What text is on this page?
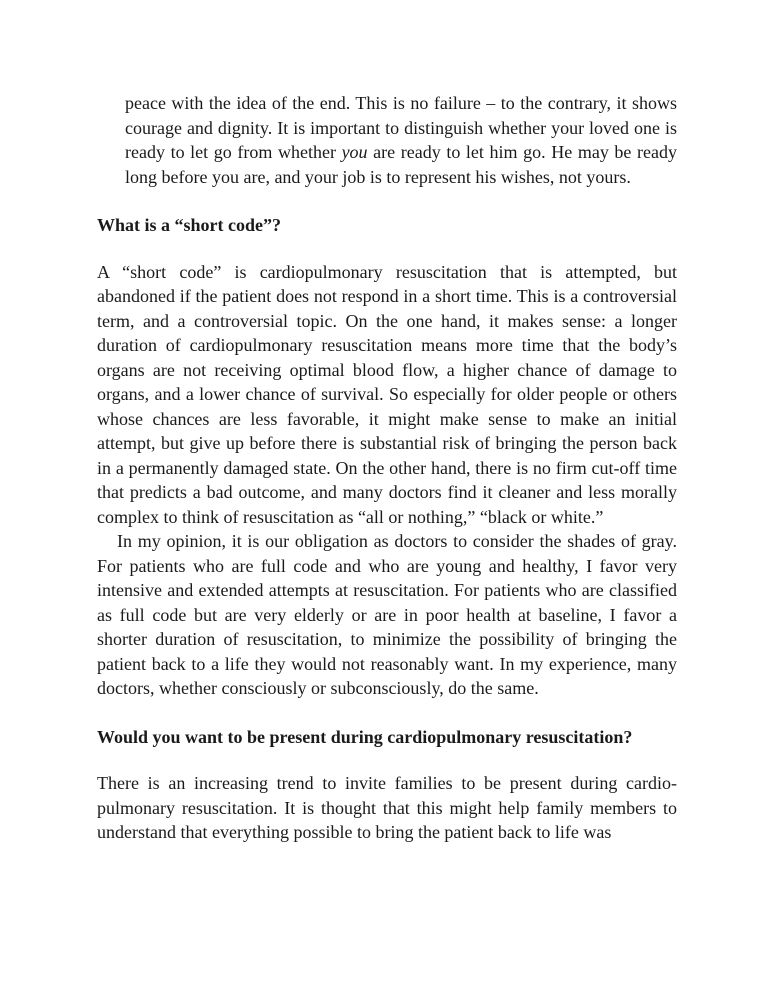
peace with the idea of the end. This is no failure – to the contrary, it shows courage and dignity. It is important to distinguish whether your loved one is ready to let go from whether you are ready to let him go. He may be ready long before you are, and your job is to represent his wishes, not yours.

What is a “short code”?

A “short code” is cardiopulmonary resuscitation that is attempted, but abandoned if the patient does not respond in a short time. This is a controversial term, and a controversial topic. On the one hand, it makes sense: a longer duration of cardiopulmonary resuscitation means more time that the body’s organs are not receiving optimal blood flow, a higher chance of damage to organs, and a lower chance of survival. So especially for older people or others whose chances are less favorable, it might make sense to make an initial attempt, but give up before there is substantial risk of bringing the person back in a permanently damaged state. On the other hand, there is no firm cut-off time that predicts a bad outcome, and many doctors find it cleaner and less morally complex to think of resuscitation as “all or nothing,” “black or white.”

In my opinion, it is our obligation as doctors to consider the shades of gray. For patients who are full code and who are young and healthy, I favor very intensive and extended attempts at resuscitation. For patients who are classified as full code but are very elderly or are in poor health at baseline, I favor a shorter duration of resuscitation, to minimize the possibility of bringing the patient back to a life they would not reasonably want. In my experience, many doctors, whether consciously or subconsciously, do the same.

Would you want to be present during cardiopulmonary resuscitation?

There is an increasing trend to invite families to be present during cardiopulmonary resuscitation. It is thought that this might help family members to understand that everything possible to bring the patient back to life was
